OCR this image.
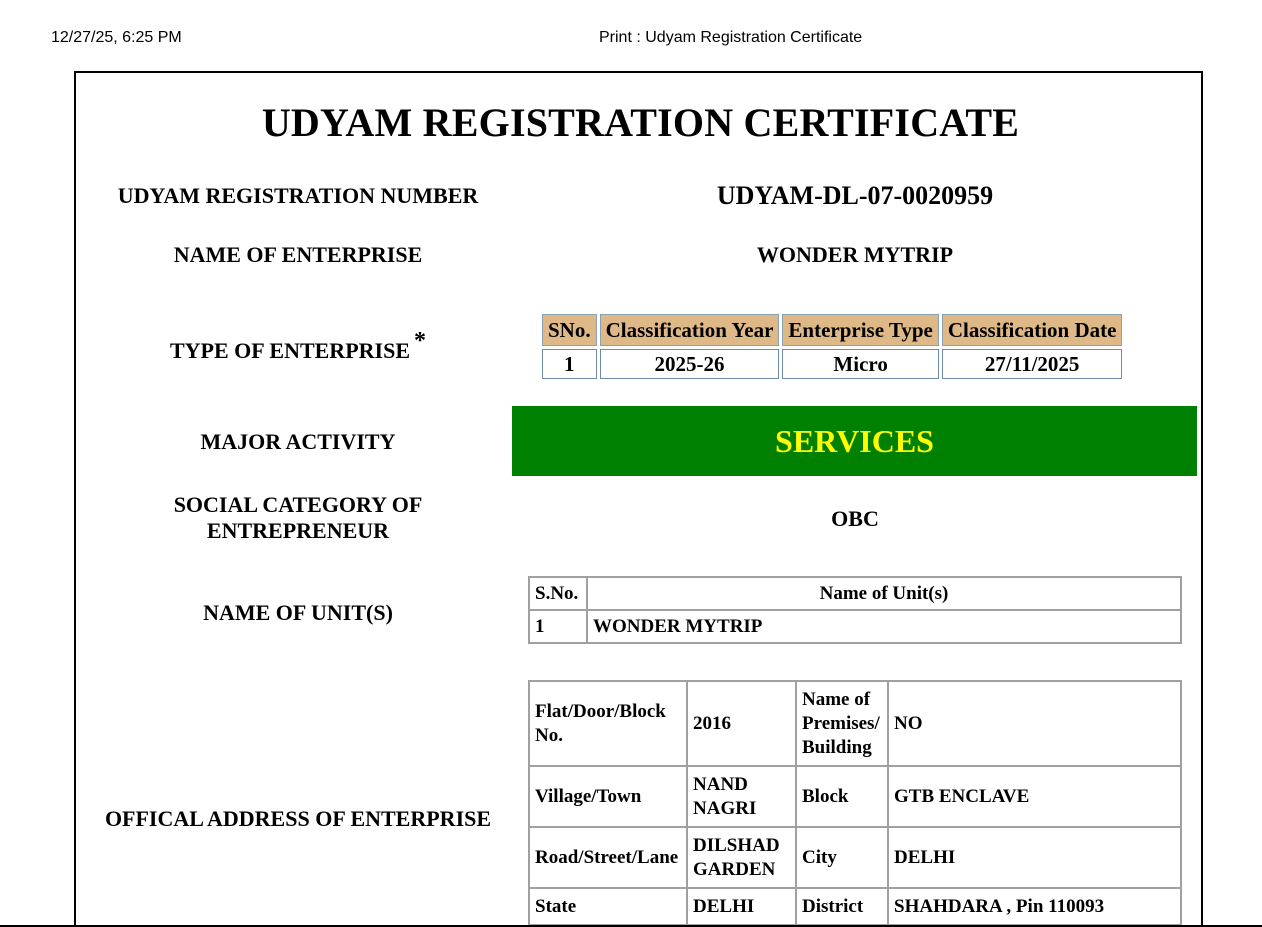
12/27/25, 6:25 PM	Print : Udyam Registration Certificate
UDYAM REGISTRATION CERTIFICATE
UDYAM REGISTRATION NUMBER	UDYAM-DL-07-0020959
NAME OF ENTERPRISE	WONDER MYTRIP
TYPE OF ENTERPRISE *	SNo.	Classification Year	Enterprise Type	Classification Date
1	2025-26	Micro	27/11/2025
MAJOR ACTIVITY	SERVICES
SOCIAL CATEGORY OF
ENTREPRENEUR	OBC
NAME OF UNIT(S)
S.No.	Name of Unit(s)
1	WONDER MYTRIP
OFFICAL ADDRESS OF ENTERPRISE
Flat/Door/Block No.	2016	Name of Premises/ Building	NO
Village/Town	NAND NAGRI	Block	GTB ENCLAVE
Road/Street/Lane	DILSHAD GARDEN	City	DELHI
State	DELHI	District	SHAHDARA , Pin 110093
